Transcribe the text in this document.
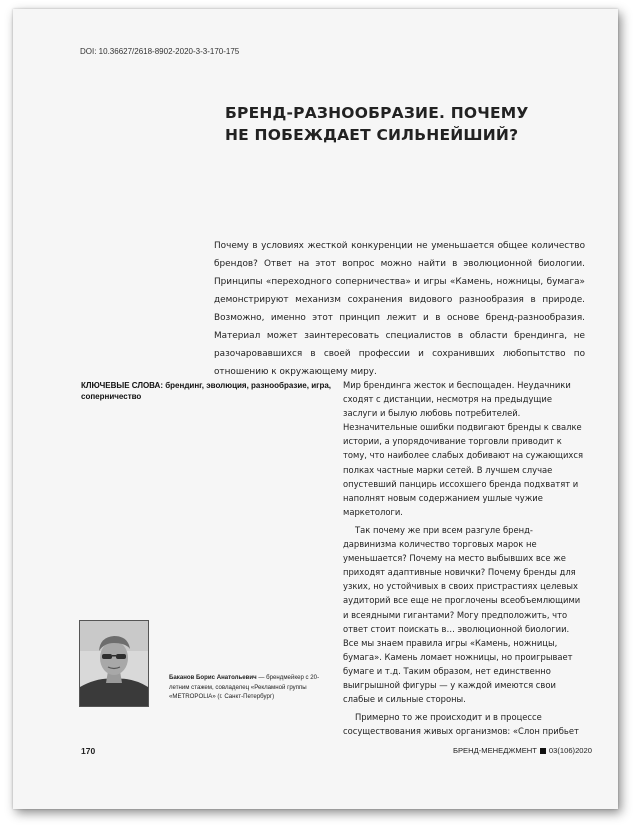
DOI: 10.36627/2618-8902-2020-3-3-170-175
БРЕНД-РАЗНООБРАЗИЕ. ПОЧЕМУ
НЕ ПОБЕЖДАЕТ СИЛЬНЕЙШИЙ?
Почему в условиях жесткой конкуренции не уменьшается общее количество брендов? Ответ на этот вопрос можно найти в эволюционной биологии. Принципы «переходного соперничества» и игры «Камень, ножницы, бумага» демонстрируют механизм сохранения видового разнообразия в природе. Возможно, именно этот принцип лежит и в основе бренд-разнообразия. Материал может заинтересовать специалистов в области брендинга, не разочаровавшихся в своей профессии и сохранивших любопытство по отношению к окружающему миру.
КЛЮЧЕВЫЕ СЛОВА: брендинг, эволюция, разнообразие, игра, соперничество
Баканов Борис Анатольевич — брендмейкер с 20-летним стажем, совладелец «Рекламной группы «METROPOLIA» (г. Санкт-Петербург)

Мир брендинга жесток и беспощаден. Неудачники сходят с дистанции, несмотря на предыдущие заслуги и былую любовь потребителей. Незначительные ошибки подвигают бренды к свалке истории, а упорядочивание торговли приводит к тому, что наиболее слабых добивают на сужающихся полках частные марки сетей. В лучшем случае опустевший панцирь иссохшего бренда подхватят и наполнят новым содержанием ушлые чужие маркетологи.

Так почему же при всем разгуле бренд-дарвинизма количество торговых марок не уменьшается? Почему на место выбывших все же приходят адаптивные новички? Почему бренды для узких, но устойчивых в своих пристрастиях целевых аудиторий все еще не проглочены всеобъемлющими и всеядными гигантами? Могу предположить, что ответ стоит поискать в… эволюционной биологии. Все мы знаем правила игры «Камень, ножницы, бумага». Камень ломает ножницы, но проигрывает бумаге и т.д. Таким образом, нет единственно выигрышной фигуры — у каждой имеются свои слабые и сильные стороны.

Примерно то же происходит и в процессе сосуществования живых организмов: «Слон прибьет

170	БРЕНД-МЕНЕДЖМЕНТ 03(106)2020
